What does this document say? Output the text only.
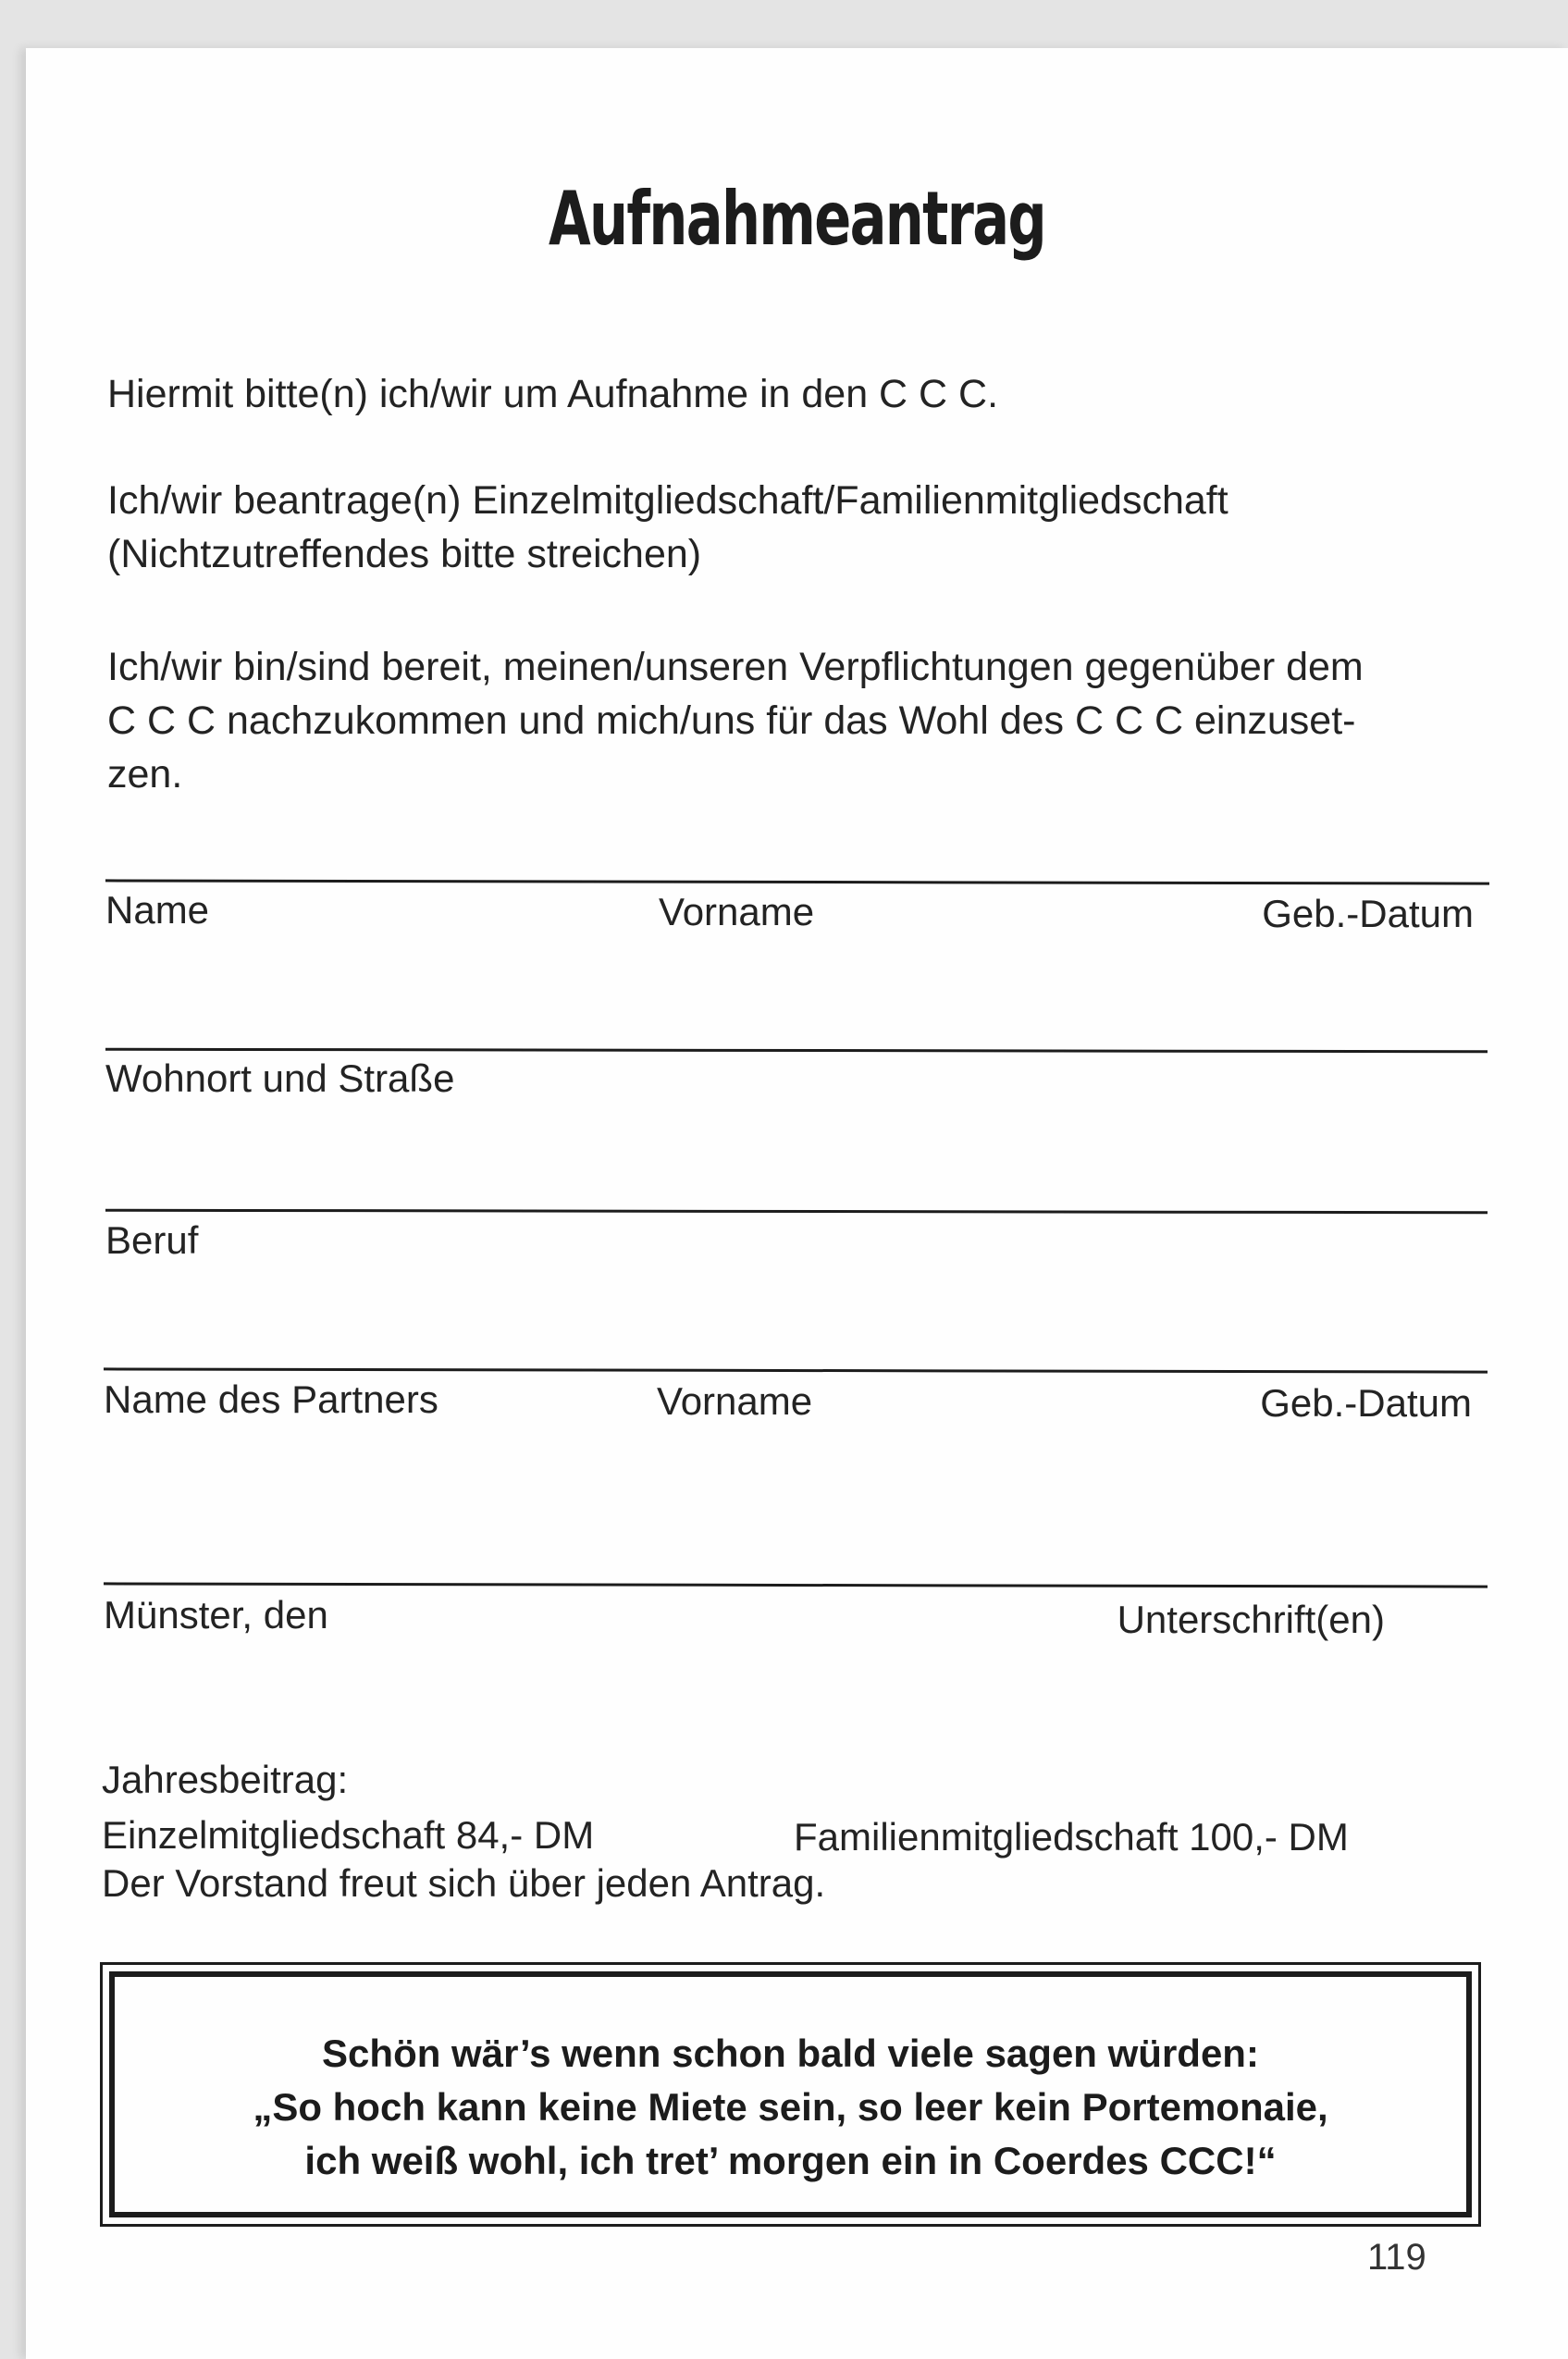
Aufnahmeantrag
Hiermit bitte(n) ich/wir um Aufnahme in den C C C.
Ich/wir beantrage(n) Einzelmitgliedschaft/Familienmitgliedschaft
(Nichtzutreffendes bitte streichen)
Ich/wir bin/sind bereit, meinen/unseren Verpflichtungen gegenüber dem
C C C nachzukommen und mich/uns für das Wohl des C C C einzuset-
zen.
Name	Vorname	Geb.-Datum
Wohnort und Straße
Beruf
Name des Partners	Vorname	Geb.-Datum
Münster, den	Unterschrift(en)
Jahresbeitrag:
Einzelmitgliedschaft 84,- DM	Familienmitgliedschaft 100,- DM
Der Vorstand freut sich über jeden Antrag.
Schön wär’s wenn schon bald viele sagen würden:
„So hoch kann keine Miete sein, so leer kein Portemonaie,
ich weiß wohl, ich tret’ morgen ein in Coerdes CCC!“
119
